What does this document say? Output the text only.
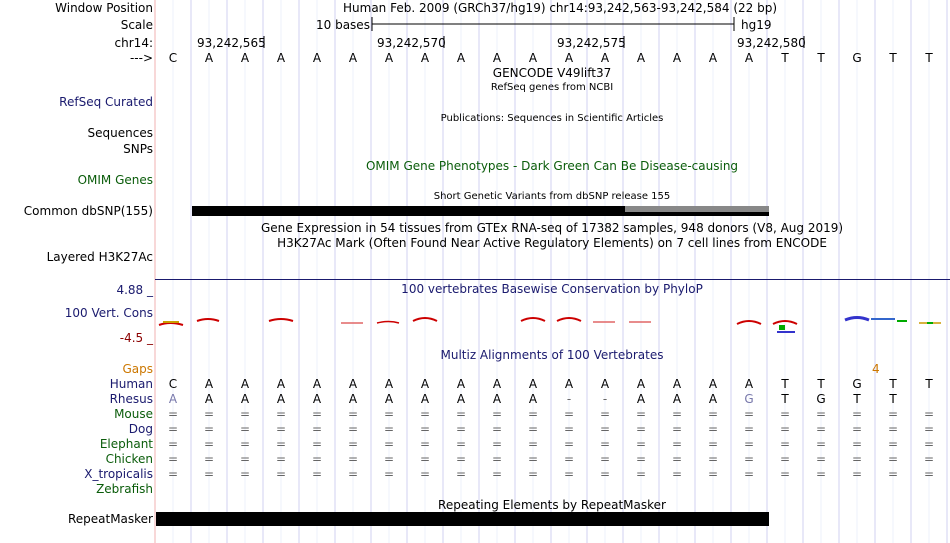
Window Position	Human Feb. 2009 (GRCh37/hg19) chr14:93,242,563-93,242,584 (22 bp)
Scale	10 bases	hg19
chr14:	93,242,565	93,242,570	93,242,575	93,242,580
--->	C	A	A	A	A	A	A	A	A	A	A	A	A	A	A	A	A	T	T	G	T	T
GENCODE V49lift37
RefSeq genes from NCBI
RefSeq Curated
Publications: Sequences in Scientific Articles
Sequences
SNPs
OMIM Gene Phenotypes - Dark Green Can Be Disease-causing
OMIM Genes
Short Genetic Variants from dbSNP release 155
Common dbSNP(155)
Gene Expression in 54 tissues from GTEx RNA-seq of 17382 samples, 948 donors (V8, Aug 2019)
H3K27Ac Mark (Often Found Near Active Regulatory Elements) on 7 cell lines from ENCODE
Layered H3K27Ac
100 vertebrates Basewise Conservation by PhyloP
4.88 _
100 Vert. Cons
-4.5 _
Multiz Alignments of 100 Vertebrates
Gaps	4
Human	C	A	A	A	A	A	A	A	A	A	A	A	A	A	A	A	A	T	T	G	T	T
Rhesus	A	A	A	A	A	A	A	A	A	A	A	-	-	A	A	A	G	T	G	T	T
Mouse	=	=	=	=	=	=	=	=	=	=	=	=	=	=	=	=	=	=	=	=	=	=
Dog	=	=	=	=	=	=	=	=	=	=	=	=	=	=	=	=	=	=	=	=	=	=
Elephant	=	=	=	=	=	=	=	=	=	=	=	=	=	=	=	=	=	=	=	=	=	=
Chicken	=	=	=	=	=	=	=	=	=	=	=	=	=	=	=	=	=	=	=	=	=	=
X_tropicalis	=	=	=	=	=	=	=	=	=	=	=	=	=	=	=	=	=	=	=	=	=	=
Zebrafish
Repeating Elements by RepeatMasker
RepeatMasker
